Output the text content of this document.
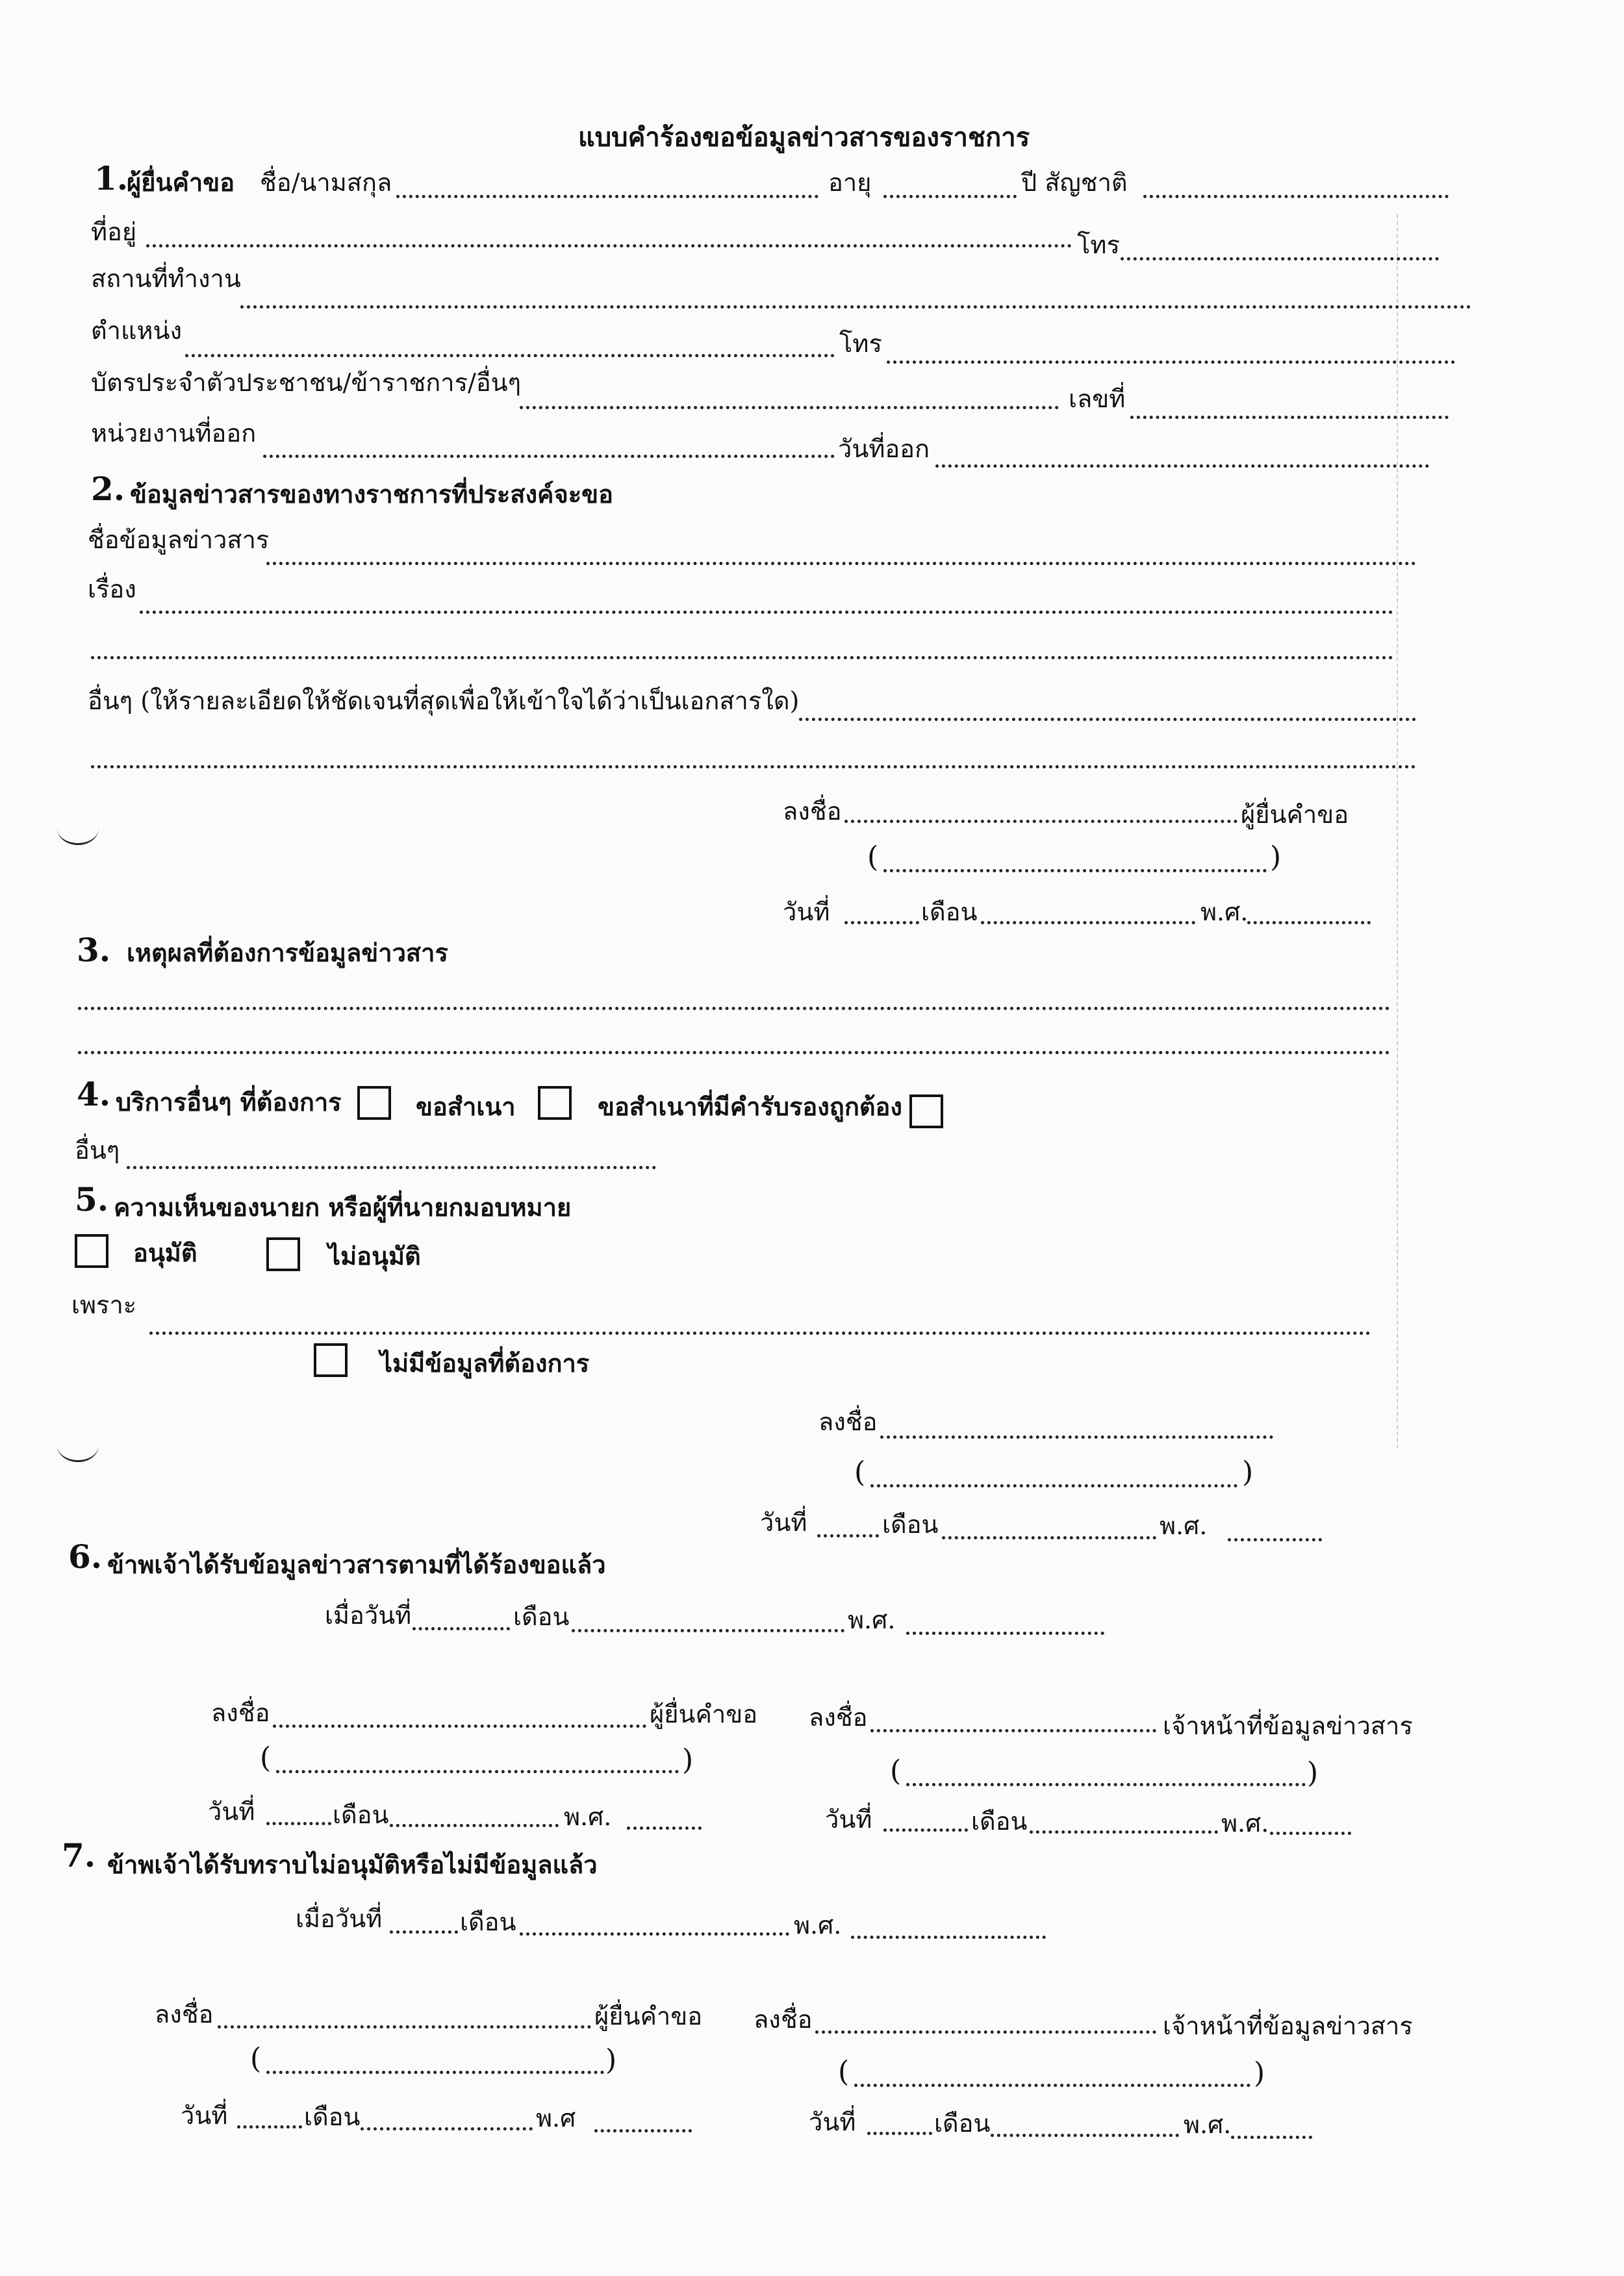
แบบคำร้องขอข้อมูลข่าวสารของราชการ
1.
ผู้ยื่นคำขอ ชื่อ/นามสกุล	อายุ	ปี สัญชาติ
ที่อยู่	โทร
สถานที่ทำงาน
ตำแหน่ง	โทร
บัตรประจำตัวประชาชน/ข้าราชการ/อื่นๆ
เลขที่
หน่วยงานที่ออก
วันที่ออก
2. ข้อมูลข่าวสารของทางราชการที่ประสงค์จะขอ
ชื่อข้อมูลข่าวสาร
เรื่อง
อื่นๆ (ให้รายละเอียดให้ชัดเจนที่สุดเพื่อให้เข้าใจได้ว่าเป็นเอกสารใด)
ลงชื่อ	ผู้ยื่นคำขอ
(	)
วันที่	เดือน	พ.ศ.
3. เหตุผลที่ต้องการข้อมูลข่าวสาร
4. บริการอื่นๆ ที่ต้องการ	ขอสำเนา	ขอสำเนาที่มีคำรับรองถูกต้อง
อื่นๆ
5. ความเห็นของนายก หรือผู้ที่นายกมอบหมาย
อนุมัติ	ไม่อนุมัติ
เพราะ
ไม่มีข้อมูลที่ต้องการ
ลงชื่อ
(	)
วันที่	เดือน	พ.ศ.
6. ข้าพเจ้าได้รับข้อมูลข่าวสารตามที่ได้ร้องขอแล้ว
เมื่อวันที่	เดือน	พ.ศ.
ลงชื่อ	ผู้ยื่นคำขอ ลงชื่อ	เจ้าหน้าที่ข้อมูลข่าวสาร
(	)	(	)
วันที่	เดือน	พ.ศ.	วันที่	เดือน	พ.ศ.
7. ข้าพเจ้าได้รับทราบไม่อนุมัติหรือไม่มีข้อมูลแล้ว
เมื่อวันที่	เดือน	พ.ศ.
ลงชื่อ	ผู้ยื่นคำขอ ลงชื่อ	เจ้าหน้าที่ข้อมูลข่าวสาร
(	)	(	)
วันที่	เดือน	พ.ศ	วันที่	เดือน	พ.ศ.
